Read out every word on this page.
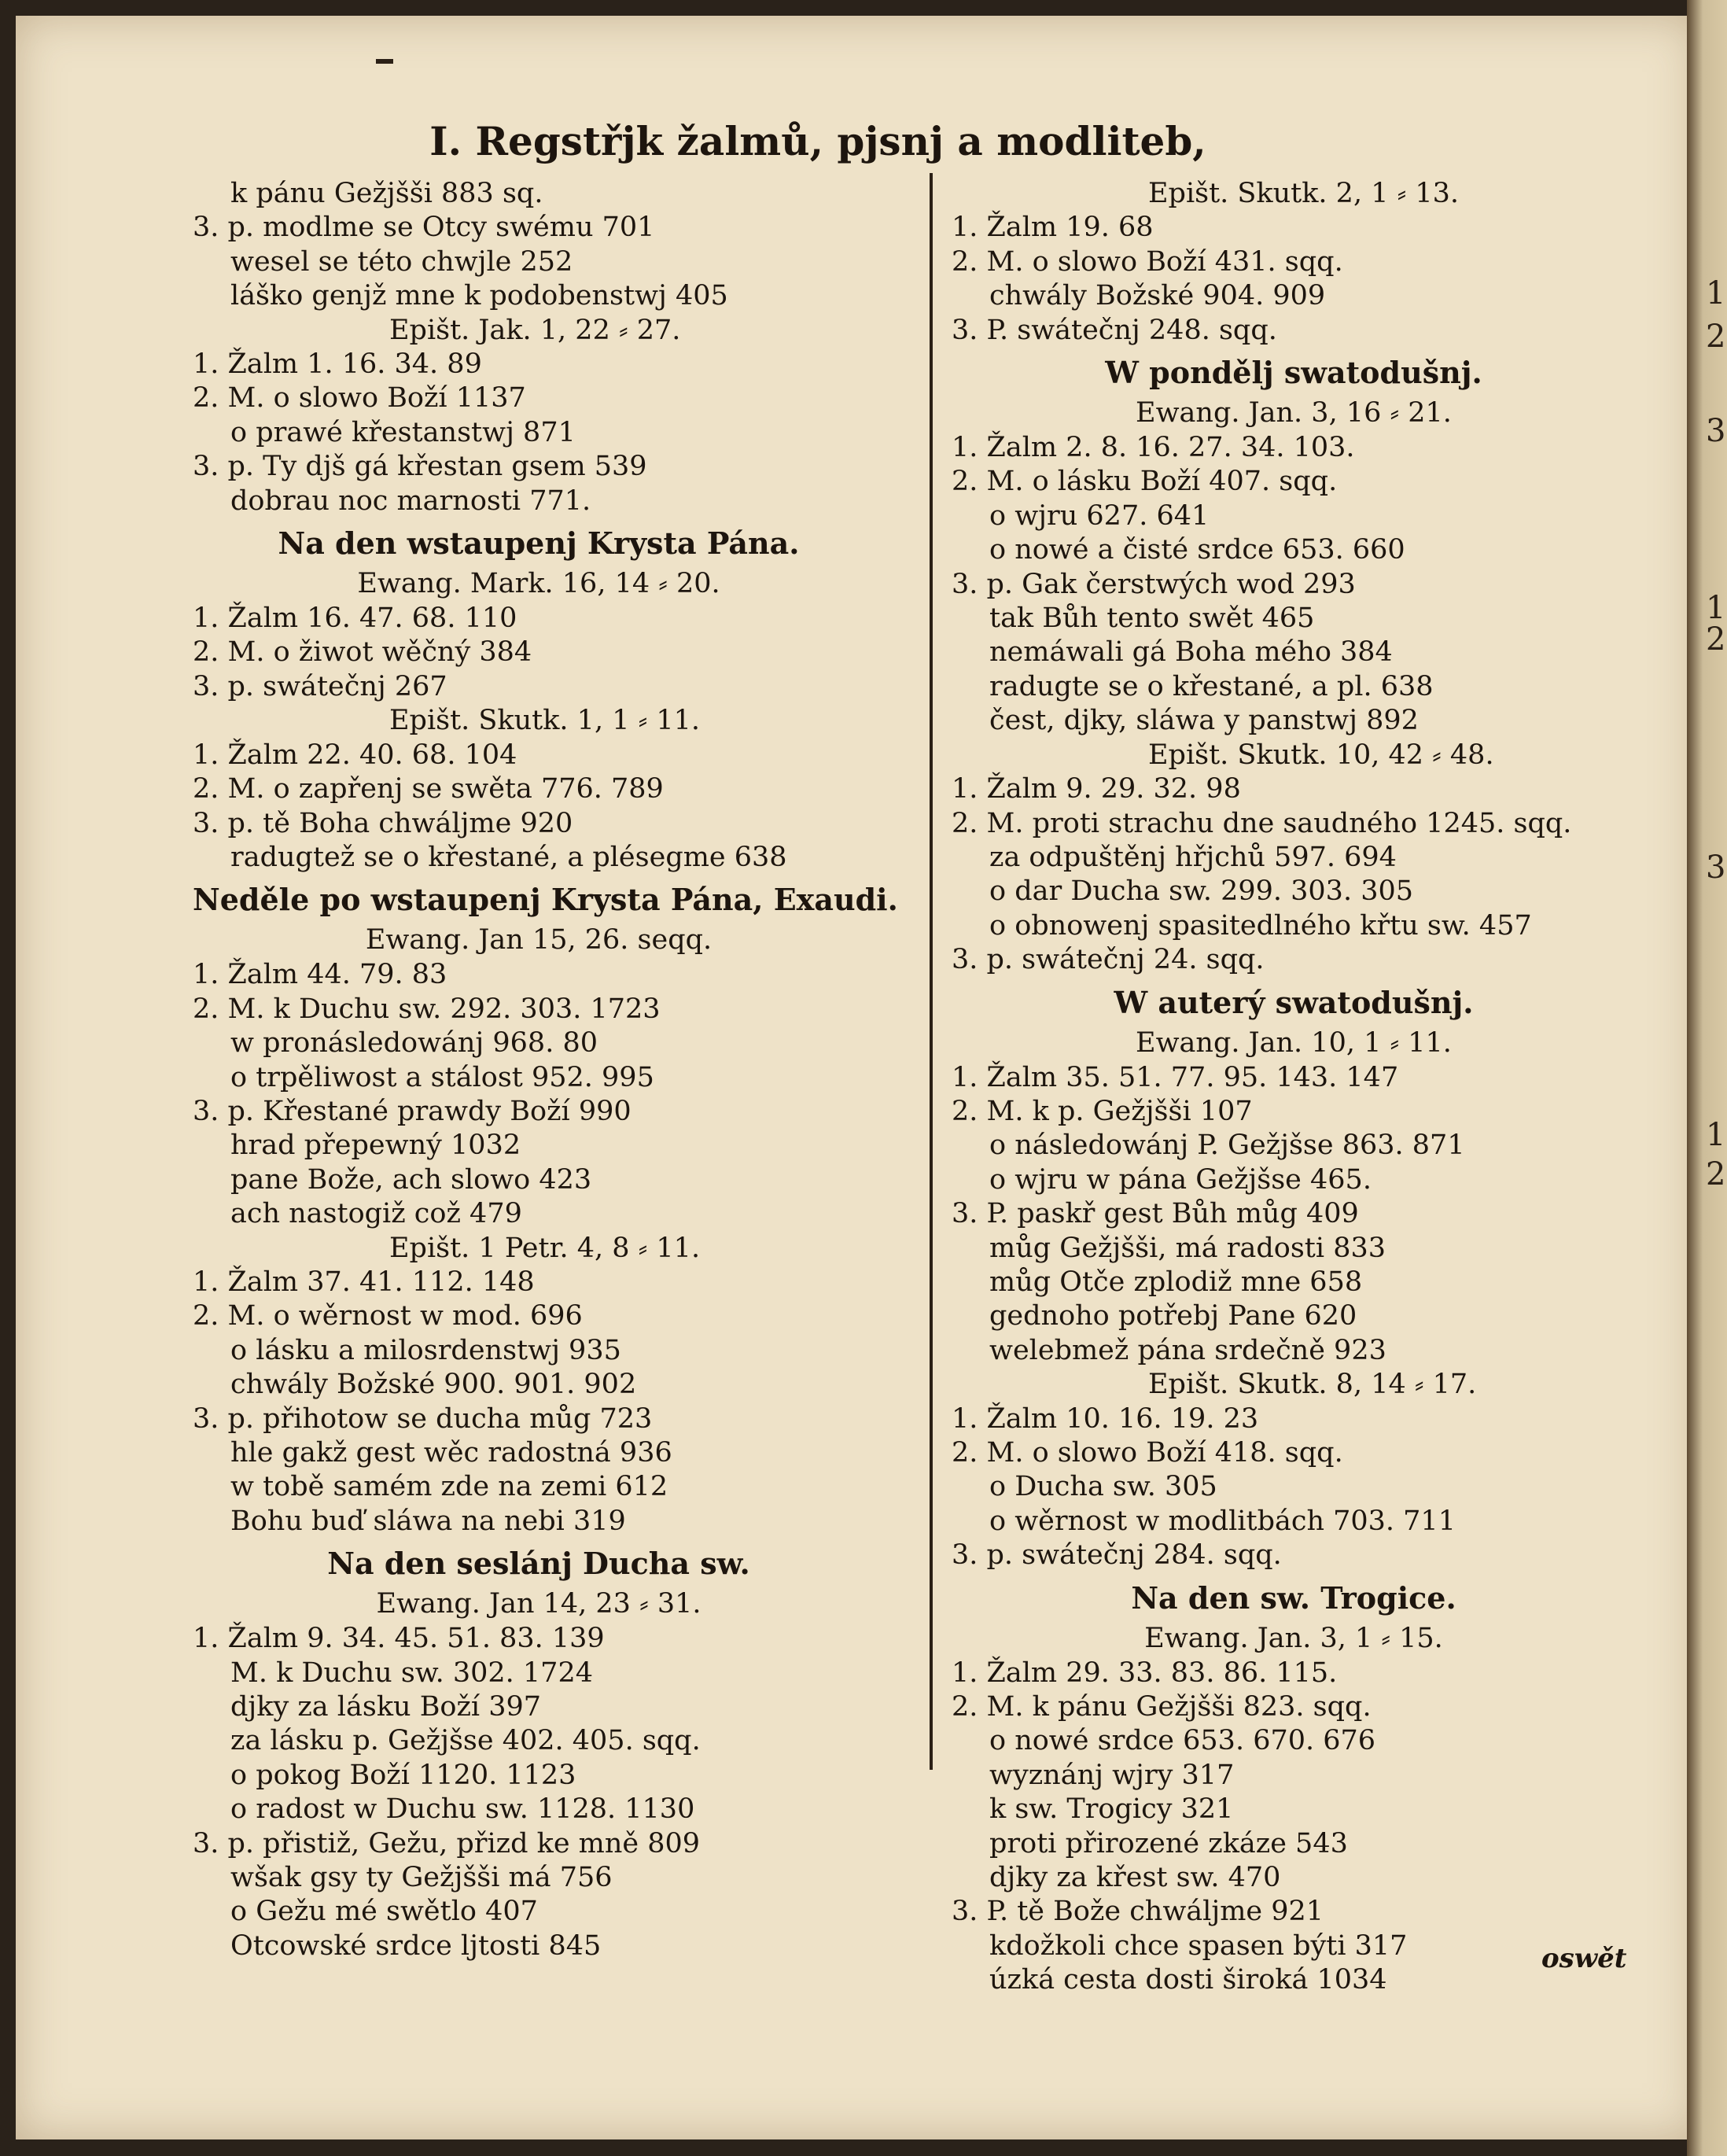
I. Regstřjk žalmů, pjsnj a modliteb,
k pánu Gežjšši 883 sq.
3. p. modlme se Otcy swému 701
wesel se této chwjle 252
láško genjž mne k podobenstwj 405
Epišt. Jak. 1, 22 ⸗ 27.
1. Žalm 1. 16. 34. 89
2. M. o slowo Boží 1137
o prawé křestanstwj 871
3. p. Ty djš gá křestan gsem 539
dobrau noc marnosti 771.
Na den wstaupenj Krysta Pána.
Ewang. Mark. 16, 14 ⸗ 20.
1. Žalm 16. 47. 68. 110
2. M. o žiwot wěčný 384
3. p. swátečnj 267
Epišt. Skutk. 1, 1 ⸗ 11.
1. Žalm 22. 40. 68. 104
2. M. o zapřenj se swěta 776. 789
3. p. tě Boha chwáljme 920
radugtež se o křestané, a plésegme 638
Neděle po wstaupenj Krysta Pána, Exaudi.
Ewang. Jan 15, 26. seqq.
1. Žalm 44. 79. 83
2. M. k Duchu sw. 292. 303. 1723
w pronásledowánj 968. 80
o trpěliwost a stálost 952. 995
3. p. Křestané prawdy Boží 990
hrad přepewný 1032
pane Bože, ach slowo 423
ach nastogiž což 479
Epišt. 1 Petr. 4, 8 ⸗ 11.
1. Žalm 37. 41. 112. 148
2. M. o wěrnost w mod. 696
o lásku a milosrdenstwj 935
chwály Božské 900. 901. 902
3. p. přihotow se ducha můg 723
hle gakž gest wěc radostná 936
w tobě samém zde na zemi 612
Bohu buď sláwa na nebi 319
Na den seslánj Ducha sw.
Ewang. Jan 14, 23 ⸗ 31.
1. Žalm 9. 34. 45. 51. 83. 139
M. k Duchu sw. 302. 1724
djky za lásku Boží 397
za lásku p. Gežjšse 402. 405. sqq.
o pokog Boží 1120. 1123
o radost w Duchu sw. 1128. 1130
3. p. přistiž, Gežu, přizd ke mně 809
wšak gsy ty Gežjšši má 756
o Gežu mé swětlo 407
Otcowské srdce ljtosti 845
Epišt. Skutk. 2, 1 ⸗ 13.
1. Žalm 19. 68
2. M. o slowo Boží 431. sqq.
chwály Božské 904. 909
3. P. swátečnj 248. sqq.
W pondělj swatodušnj.
Ewang. Jan. 3, 16 ⸗ 21.
1. Žalm 2. 8. 16. 27. 34. 103.
2. M. o lásku Boží 407. sqq.
o wjru 627. 641
o nowé a čisté srdce 653. 660
3. p. Gak čerstwých wod 293
tak Bůh tento swět 465
nemáwali gá Boha mého 384
radugte se o křestané, a pl. 638
čest, djky, sláwa y panstwj 892
Epišt. Skutk. 10, 42 ⸗ 48.
1. Žalm 9. 29. 32. 98
2. M. proti strachu dne saudného 1245. sqq.
za odpuštěnj hřjchů 597. 694
o dar Ducha sw. 299. 303. 305
o obnowenj spasitedlného křtu sw. 457
3. p. swátečnj 24. sqq.
W auterý swatodušnj.
Ewang. Jan. 10, 1 ⸗ 11.
1. Žalm 35. 51. 77. 95. 143. 147
2. M. k p. Gežjšši 107
o následowánj P. Gežjšse 863. 871
o wjru w pána Gežjšse 465.
3. P. paskř gest Bůh můg 409
můg Gežjšši, má radosti 833
můg Otče zplodiž mne 658
gednoho potřebj Pane 620
welebmež pána srdečně 923
Epišt. Skutk. 8, 14 ⸗ 17.
1. Žalm 10. 16. 19. 23
2. M. o slowo Boží 418. sqq.
o Ducha sw. 305
o wěrnost w modlitbách 703. 711
3. p. swátečnj 284. sqq.
Na den sw. Trogice.
Ewang. Jan. 3, 1 ⸗ 15.
1. Žalm 29. 33. 83. 86. 115.
2. M. k pánu Gežjšši 823. sqq.
o nowé srdce 653. 670. 676
wyznánj wjry 317
k sw. Trogicy 321
proti přirozené zkáze 543
djky za křest sw. 470
3. P. tě Bože chwáljme 921
kdožkoli chce spasen býti 317
úzká cesta dosti široká 1034
oswět
1
2
3
1
2
3
1
2
